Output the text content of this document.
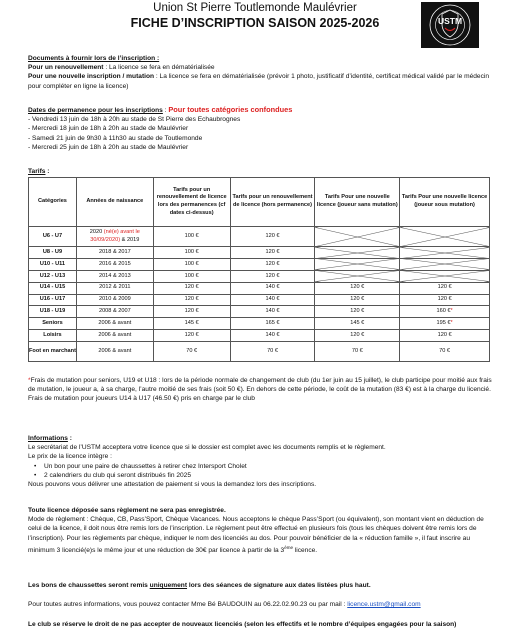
Union St Pierre Toutlemonde Maulévrier
FICHE D’INSCRIPTION SAISON 2025-2026	USTM
Documents à fournir lors de l’inscription :
Pour un renouvellement : La licence se fera en dématérialisée
Pour une nouvelle inscription / mutation : La licence se fera en dématérialisée (prévoir 1 photo, justificatif d’identité, certificat médical validé par le médecin pour compléter en ligne la licence)
Dates de permanence pour les inscriptions : Pour toutes catégories confondues
- Vendredi 13 juin de 18h à 20h au stade de St Pierre des Echaubrognes
- Mercredi 18 juin de 18h à 20h au stade de Maulévrier
- Samedi 21 juin de 9h30 à 11h30 au stade de Toutlemonde
- Mercredi 25 juin de 18h à 20h au stade de Maulévrier
Tarifs :
Catégories	Années de naissance	Tarifs pour un renouvellement de licence lors des permanences (cf dates ci-dessus)	Tarifs pour un renouvellement de licence (hors permanence)	Tarifs Pour une nouvelle licence (joueur sans mutation)	Tarifs Pour une nouvelle licence (joueur sous mutation)
U6 - U7	2020 (né(e) avant le 30/09/2020) & 2019	100 €	120 €		
U8 - U9	2018 & 2017	100 €	120 €		
U10 - U11	2016 & 2015	100 €	120 €		
U12 - U13	2014 & 2013	100 €	120 €		
U14 - U15	2012 & 2011	120 €	140 €	120 €	120 €
U16 - U17	2010 & 2009	120 €	140 €	120 €	120 €
U18 - U19	2008 & 2007	120 €	140 €	120 €	160 €*
Seniors	2006 & avant	145 €	165 €	145 €	195 €*
Loisirs	2006 & avant	120 €	140 €	120 €	120 €
Foot en marchant	2006 & avant	70 €	70 €	70 €	70 €
*Frais de mutation pour seniors, U19 et U18 : lors de la période normale de changement de club (du 1er juin au 15 juillet), le club participe pour moitié aux frais de mutation, le joueur a, à sa charge, l’autre moitié de ses frais (soit 50 €). En dehors de cette période, le coût de la mutation (83 €) est à la charge du licencié.
Frais de mutation pour joueurs U14 à U17 (46.50 €) pris en charge par le club
Informations :
Le secrétariat de l’USTM acceptera votre licence que si le dossier est complet avec les documents remplis et le règlement.
Le prix de la licence intègre :
• Un bon pour une paire de chaussettes à retirer chez Intersport Cholet
• 2 calendriers du club qui seront distribués fin 2025
Nous pouvons vous délivrer une attestation de paiement si vous la demandez lors des inscriptions.
Toute licence déposée sans règlement ne sera pas enregistrée.
Mode de règlement : Chèque, CB, Pass’Sport, Chèque Vacances. Nous acceptons le chèque Pass’Sport (ou équivalent), son montant vient en déduction de celui de la licence, il doit nous être remis lors de l’inscription. Le règlement peut être effectué en plusieurs fois (tous les chèques doivent être remis lors de l’inscription). Pour les règlements par chèque, indiquer le nom des licenciés au dos. Pour pouvoir bénéficier de la « réduction famille », il faut inscrire au minimum 3 licencié(e)s le même jour et une réduction de 30€ par licence à partir de la 3ème licence.
Les bons de chaussettes seront remis uniquement lors des séances de signature aux dates listées plus haut.
Pour toutes autres informations, vous pouvez contacter Mme Bé BAUDOUIN au 06.22.02.90.23 ou par mail : licence.ustm@gmail.com
Le club se réserve le droit de ne pas accepter de nouveaux licenciés (selon les effectifs et le nombre d’équipes engagées pour la saison)
